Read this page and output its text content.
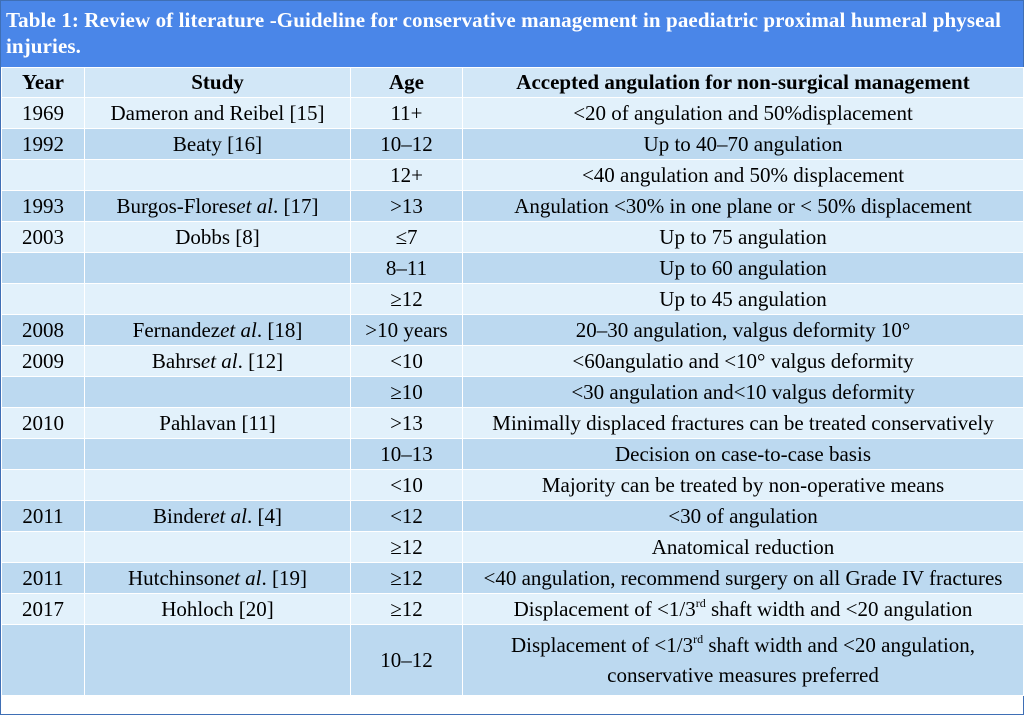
Table 1: Review of literature -Guideline for conservative management in paediatric proximal humeral physeal injuries.
Year	Study	Age	Accepted angulation for non-surgical management
1969	Dameron and Reibel [15]	11+	<20 of angulation and 50%displacement
1992	Beaty [16]	10–12	Up to 40–70 angulation
		12+	<40 angulation and 50% displacement
1993	Burgos-Floreset al. [17]	>13	Angulation <30% in one plane or < 50% displacement
2003	Dobbs [8]	≤7	Up to 75 angulation
		8–11	Up to 60 angulation
		≥12	Up to 45 angulation
2008	Fernandezet al. [18]	>10 years	20–30 angulation, valgus deformity 10°
2009	Bahrset al. [12]	<10	<60angulatio and <10° valgus deformity
		≥10	<30 angulation and<10 valgus deformity
2010	Pahlavan [11]	>13	Minimally displaced fractures can be treated conservatively
		10–13	Decision on case-to-case basis
		<10	Majority can be treated by non-operative means
2011	Binderet al. [4]	<12	<30 of angulation
		≥12	Anatomical reduction
2011	Hutchinsonet al. [19]	≥12	<40 angulation, recommend surgery on all Grade IV fractures
2017	Hohloch [20]	≥12	Displacement of <1/3rd shaft width and <20 angulation
		10–12	Displacement of <1/3rd shaft width and <20 angulation,
conservative measures preferred
